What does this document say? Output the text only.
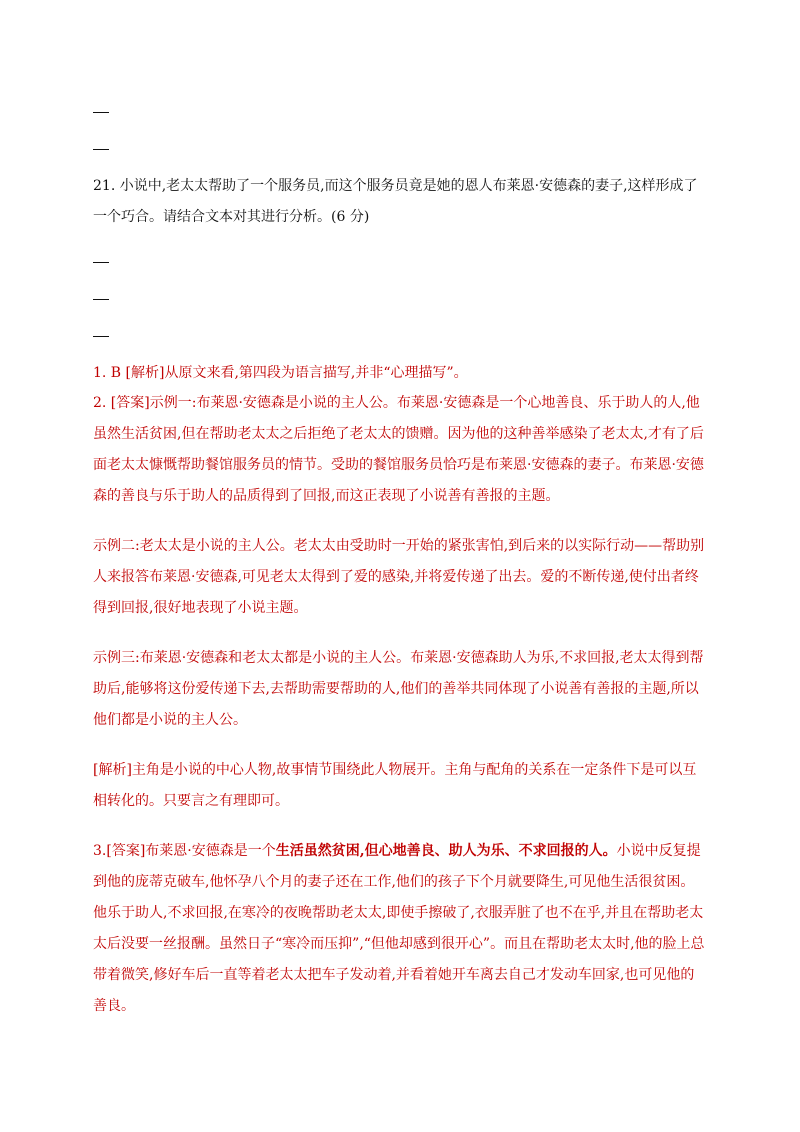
21. 小说中,老太太帮助了一个服务员,而这个服务员竟是她的恩人布莱恩·安德森的妻子,这样形成了一个巧合。请结合文本对其进行分析。(6 分)

1. B [解析]从原文来看,第四段为语言描写,并非“心理描写”。

2. [答案]示例一:布莱恩·安德森是小说的主人公。布莱恩·安德森是一个心地善良、乐于助人的人,他虽然生活贫困,但在帮助老太太之后拒绝了老太太的馈赠。因为他的这种善举感染了老太太,才有了后面老太太慷慨帮助餐馆服务员的情节。受助的餐馆服务员恰巧是布莱恩·安德森的妻子。布莱恩·安德森的善良与乐于助人的品质得到了回报,而这正表现了小说善有善报的主题。

示例二:老太太是小说的主人公。老太太由受助时一开始的紧张害怕,到后来的以实际行动——帮助别人来报答布莱恩·安德森,可见老太太得到了爱的感染,并将爱传递了出去。爱的不断传递,使付出者终得到回报,很好地表现了小说主题。

示例三:布莱恩·安德森和老太太都是小说的主人公。布莱恩·安德森助人为乐,不求回报,老太太得到帮助后,能够将这份爱传递下去,去帮助需要帮助的人,他们的善举共同体现了小说善有善报的主题,所以他们都是小说的主人公。

[解析]主角是小说的中心人物,故事情节围绕此人物展开。主角与配角的关系在一定条件下是可以互相转化的。只要言之有理即可。

3.[答案]布莱恩·安德森是一个生活虽然贫困,但心地善良、助人为乐、不求回报的人。小说中反复提到他的庞蒂克破车,他怀孕八个月的妻子还在工作,他们的孩子下个月就要降生,可见他生活很贫困。他乐于助人,不求回报,在寒冷的夜晚帮助老太太,即使手擦破了,衣服弄脏了也不在乎,并且在帮助老太太后没要一丝报酬。虽然日子“寒冷而压抑”,“但他却感到很开心”。而且在帮助老太太时,他的脸上总带着微笑,修好车后一直等着老太太把车子发动着,并看着她开车离去自己才发动车回家,也可见他的善良。
